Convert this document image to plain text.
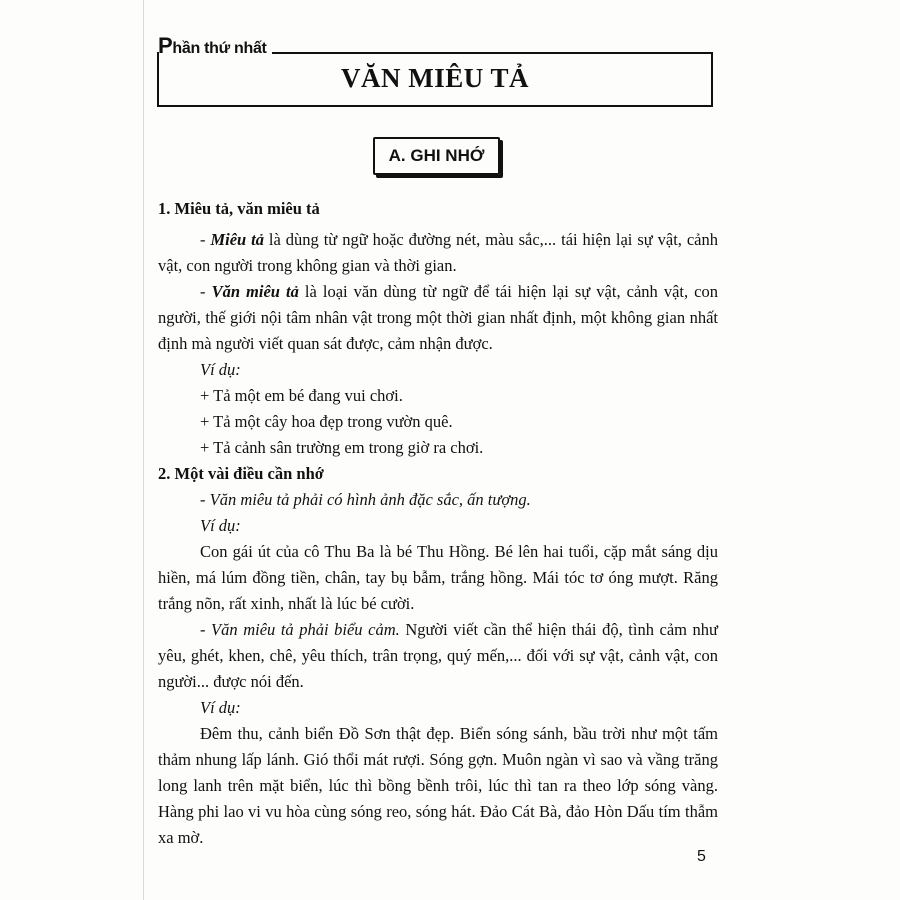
Phần thứ nhất
VĂN MIÊU TẢ
A. GHI NHỚ

1. Miêu tả, văn miêu tả

- Miêu tả là dùng từ ngữ hoặc đường nét, màu sắc,... tái hiện lại sự vật, cảnh vật, con người trong không gian và thời gian.

- Văn miêu tả là loại văn dùng từ ngữ để tái hiện lại sự vật, cảnh vật, con người, thế giới nội tâm nhân vật trong một thời gian nhất định, một không gian nhất định mà người viết quan sát được, cảm nhận được.

Ví dụ:

+ Tả một em bé đang vui chơi.

+ Tả một cây hoa đẹp trong vườn quê.

+ Tả cảnh sân trường em trong giờ ra chơi.

2. Một vài điều cần nhớ

- Văn miêu tả phải có hình ảnh đặc sắc, ấn tượng.

Ví dụ:

Con gái út của cô Thu Ba là bé Thu Hồng. Bé lên hai tuổi, cặp mắt sáng dịu hiền, má lúm đồng tiền, chân, tay bụ bẫm, trắng hồng. Mái tóc tơ óng mượt. Răng trắng nõn, rất xinh, nhất là lúc bé cười.

- Văn miêu tả phải biểu cảm. Người viết cần thể hiện thái độ, tình cảm như yêu, ghét, khen, chê, yêu thích, trân trọng, quý mến,... đối với sự vật, cảnh vật, con người... được nói đến.

Ví dụ:

Đêm thu, cảnh biển Đồ Sơn thật đẹp. Biển sóng sánh, bầu trời như một tấm thảm nhung lấp lánh. Gió thổi mát rượi. Sóng gợn. Muôn ngàn vì sao và vầng trăng long lanh trên mặt biển, lúc thì bồng bềnh trôi, lúc thì tan ra theo lớp sóng vàng. Hàng phi lao vi vu hòa cùng sóng reo, sóng hát. Đảo Cát Bà, đảo Hòn Dấu tím thẫm xa mờ.

5
